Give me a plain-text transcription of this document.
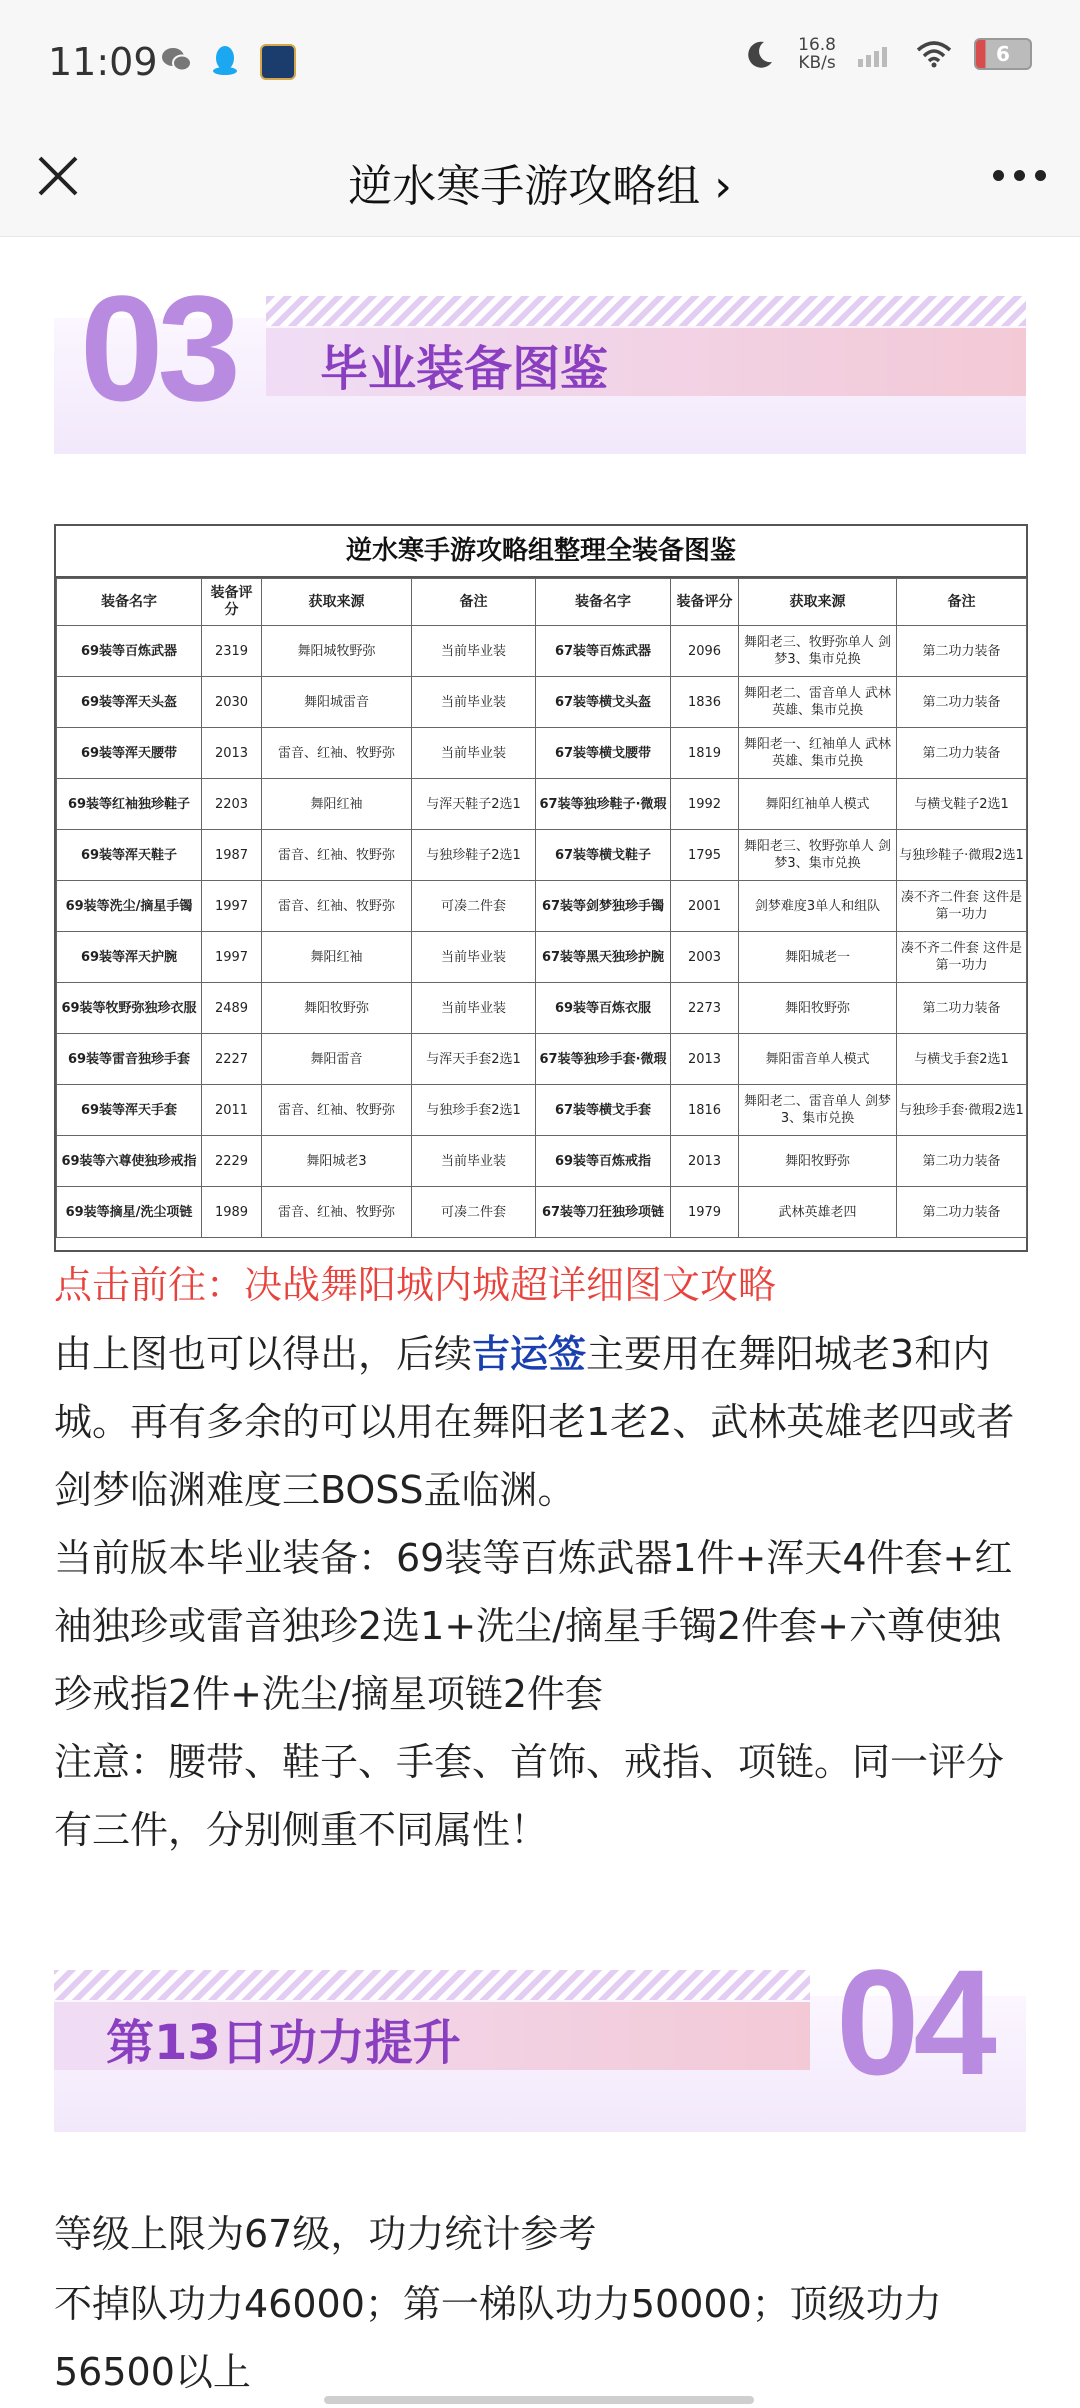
11:09	16.8
KB/s	6
逆水寒手游攻略组 ›
03 毕业装备图鉴
逆水寒手游攻略组整理全装备图鉴
装备名字	装备评分	获取来源	备注	装备名字	装备评分	获取来源	备注
69装等百炼武器	2319	舞阳城牧野弥	当前毕业装	67装等百炼武器	2096	舞阳老三、牧野弥单人 剑梦3、集市兑换	第二功力装备
69装等浑天头盔	2030	舞阳城雷音	当前毕业装	67装等横戈头盔	1836	舞阳老二、雷音单人 武林英雄、集市兑换	第二功力装备
69装等浑天腰带	2013	雷音、红袖、牧野弥	当前毕业装	67装等横戈腰带	1819	舞阳老一、红袖单人 武林英雄、集市兑换	第二功力装备
69装等红袖独珍鞋子	2203	舞阳红袖	与浑天鞋子2选1	67装等独珍鞋子·微瑕	1992	舞阳红袖单人模式	与横戈鞋子2选1
69装等浑天鞋子	1987	雷音、红袖、牧野弥	与独珍鞋子2选1	67装等横戈鞋子	1795	舞阳老三、牧野弥单人 剑梦3、集市兑换	与独珍鞋子·微瑕2选1
69装等洗尘/摘星手镯	1997	雷音、红袖、牧野弥	可凑二件套	67装等剑梦独珍手镯	2001	剑梦难度3单人和组队	凑不齐二件套 这件是第一功力
69装等浑天护腕	1997	舞阳红袖	当前毕业装	67装等黑天独珍护腕	2003	舞阳城老一	凑不齐二件套 这件是第一功力
69装等牧野弥独珍衣服	2489	舞阳牧野弥	当前毕业装	69装等百炼衣服	2273	舞阳牧野弥	第二功力装备
69装等雷音独珍手套	2227	舞阳雷音	与浑天手套2选1	67装等独珍手套·微瑕	2013	舞阳雷音单人模式	与横戈手套2选1
69装等浑天手套	2011	雷音、红袖、牧野弥	与独珍手套2选1	67装等横戈手套	1816	舞阳老二、雷音单人 剑梦3、集市兑换	与独珍手套·微瑕2选1
69装等六尊使独珍戒指	2229	舞阳城老3	当前毕业装	69装等百炼戒指	2013	舞阳牧野弥	第二功力装备
69装等摘星/洗尘项链	1989	雷音、红袖、牧野弥	可凑二件套	67装等刀狂独珍项链	1979	武林英雄老四	第二功力装备
点击前往：决战舞阳城内城超详细图文攻略
由上图也可以得出，后续吉运签主要用在舞阳城老3和内城。再有多余的可以用在舞阳老1老2、武林英雄老四或者剑梦临渊难度三BOSS孟临渊。
当前版本毕业装备：69装等百炼武器1件+浑天4件套+红袖独珍或雷音独珍2选1+洗尘/摘星手镯2件套+六尊使独珍戒指2件+洗尘/摘星项链2件套
注意：腰带、鞋子、手套、首饰、戒指、项链。同一评分有三件，分别侧重不同属性！
第13日功力提升	04
等级上限为67级，功力统计参考
不掉队功力46000；第一梯队功力50000；顶级功力56500以上
